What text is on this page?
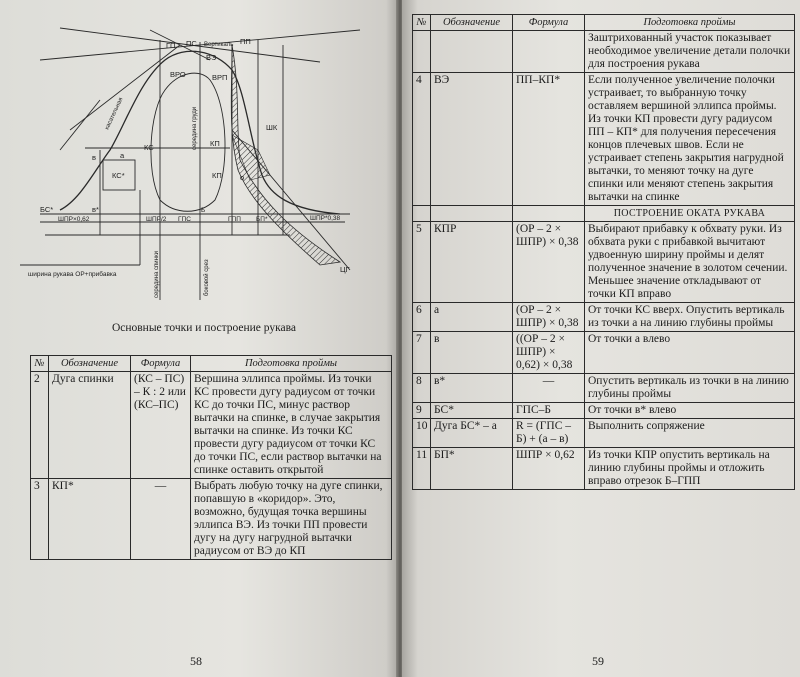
ГП ПС Вертикаль ПП
ВЭ
ВРО	ВРП
ШК
КС	КП
КП
КС*
а
в
о
в*
БС*
ШПР×0,62	ШПР/2 ГПС
Б
ГПП БП*	ШПР*0,38
ЦГ
середина груди
середина спинки	боковой срез
ширина рукава ОР+прибавка
касательная
Основные точки и построение рукава
№	Обозначение	Формула	Подготовка проймы
2	Дуга спинки	(КС – ПС) – К : 2 или (КС–ПС)	Вершина эллипса проймы. Из точки КС провести дугу радиусом от точки КС до точки ПС, минус раствор вытачки на спинке, в случае закрытия вытачки на спинке. Из точки КС провести дугу радиусом от точки КС до точки ПС, если раствор вытачки на спинке оставить открытой
3	КП*	—	Выбрать любую точку на дуге спинки, попавшую в «коридор». Это, возможно, будущая точка вершины эллипса ВЭ. Из точки ПП провести дугу на дугу нагрудной вытачки радиусом от ВЭ до КП
58
№	Обозначение	Формула	Подготовка проймы
			Заштрихованный участок показывает необходимое увеличение детали полочки для построения рукава
4	ВЭ	ПП–КП*	Если полученное увеличение полочки устраивает, то выбранную точку оставляем вершиной эллипса проймы. Из точки КП провести дугу радиусом ПП – КП* для получения пересечения концов плечевых швов. Если не устраивает степень закрытия нагрудной вытачки, то меняют точку на дуге спинки или меняют степень закрытия вытачки на спинке
			ПОСТРОЕНИЕ ОКАТА РУКАВА
5	КПР	(ОР – 2 × ШПР) × 0,38	Выбирают прибавку к обхвату руки. Из обхвата руки с прибавкой вычитают удвоенную ширину проймы и делят полученное значение в золотом сечении. Меньшее значение откладывают от точки КП вправо
6	а	(ОР – 2 × ШПР) × 0,38	От точки КС вверх. Опустить вертикаль из точки а на линию глубины проймы
7	в	((ОР – 2 × ШПР) × 0,62) × 0,38	От точки а влево
8	в*	—	Опустить вертикаль из точки в на линию глубины проймы
9	БС*	ГПС–Б	От точки в* влево
10	Дуга БС* – а	R = (ГПС – Б) + (а – в)	Выполнить сопряжение
11	БП*	ШПР × 0,62	Из точки КПР опустить вертикаль на линию глубины проймы и отложить вправо отрезок Б–ГПП
59
